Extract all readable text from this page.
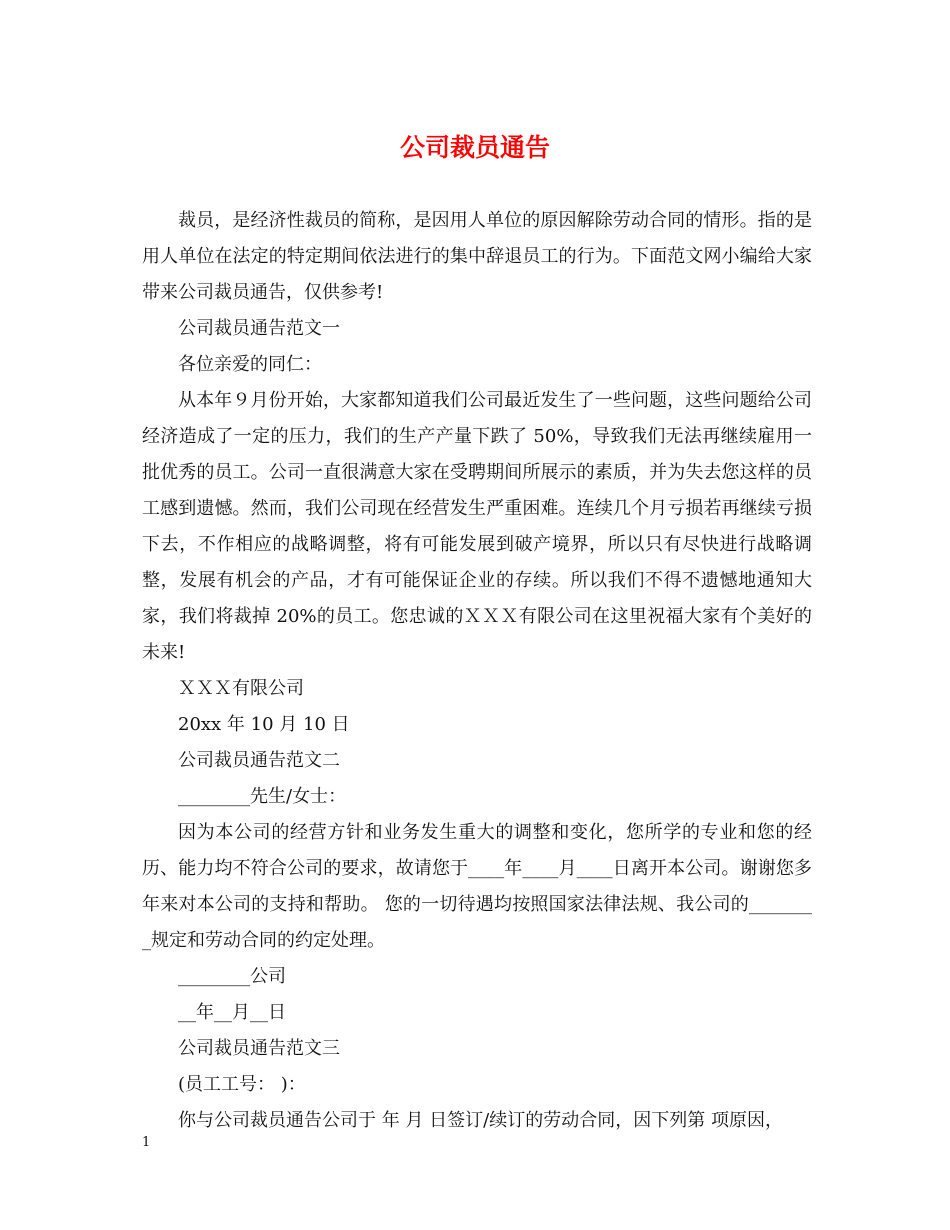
公司裁员通告

裁员，是经济性裁员的简称，是因用人单位的原因解除劳动合同的情形。指的是用人单位在法定的特定期间依法进行的集中辞退员工的行为。下面范文网小编给大家带来公司裁员通告，仅供参考!

公司裁员通告范文一

各位亲爱的同仁：

从本年９月份开始，大家都知道我们公司最近发生了一些问题，这些问题给公司经济造成了一定的压力，我们的生产产量下跌了 50%，导致我们无法再继续雇用一批优秀的员工。公司一直很满意大家在受聘期间所展示的素质，并为失去您这样的员工感到遗憾。然而，我们公司现在经营发生严重困难。连续几个月亏损若再继续亏损下去，不作相应的战略调整，将有可能发展到破产境界，所以只有尽快进行战略调整，发展有机会的产品，才有可能保证企业的存续。所以我们不得不遗憾地通知大家，我们将裁掉 20%的员工。您忠诚的ＸＸＸ有限公司在这里祝福大家有个美好的未来!

ＸＸＸ有限公司

20xx 年 10 月 10 日

公司裁员通告范文二

________先生/女士：

因为本公司的经营方针和业务发生重大的调整和变化，您所学的专业和您的经历、能力均不符合公司的要求，故请您于____年____月____日离开本公司。谢谢您多年来对本公司的支持和帮助。 您的一切待遇均按照国家法律法规、我公司的________规定和劳动合同的约定处理。

________公司

__年__月__日

公司裁员通告范文三

(员工工号： )：

你与公司裁员通告公司于 年 月 日签订/续订的劳动合同，因下列第 项原因，

1
